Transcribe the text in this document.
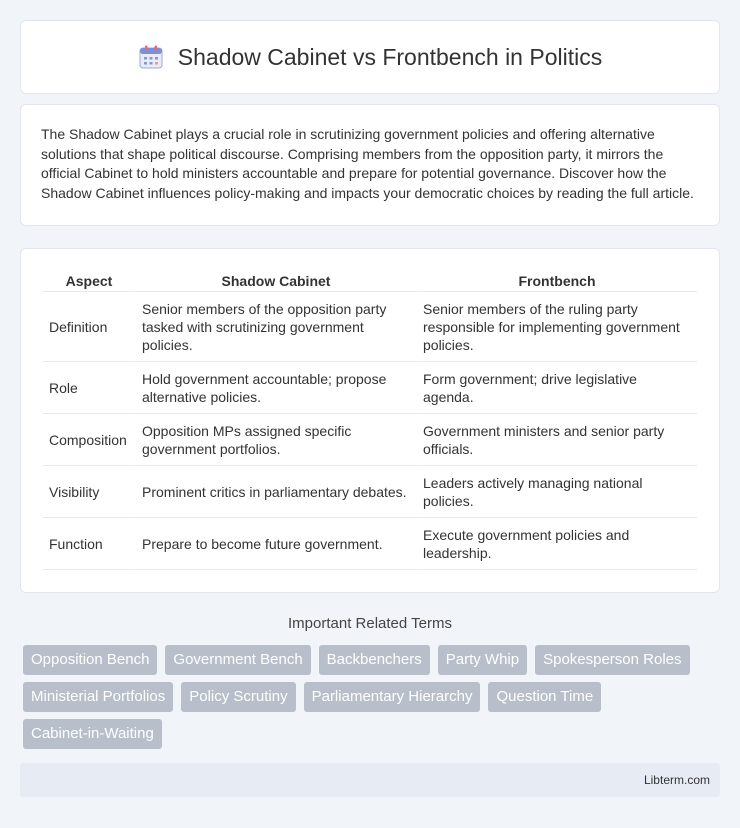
Shadow Cabinet vs Frontbench in Politics
The Shadow Cabinet plays a crucial role in scrutinizing government policies and offering alternative solutions that shape political discourse. Comprising members from the opposition party, it mirrors the official Cabinet to hold ministers accountable and prepare for potential governance. Discover how the Shadow Cabinet influences policy-making and impacts your democratic choices by reading the full article.
Aspect	Shadow Cabinet	Frontbench
Definition	Senior members of the opposition party tasked with scrutinizing government policies.	Senior members of the ruling party responsible for implementing government policies.
Role	Hold government accountable; propose alternative policies.	Form government; drive legislative agenda.
Composition	Opposition MPs assigned specific government portfolios.	Government ministers and senior party officials.
Visibility	Prominent critics in parliamentary debates.	Leaders actively managing national policies.
Function	Prepare to become future government.	Execute government policies and leadership.
Important Related Terms
Opposition Bench	Government Bench	Backbenchers	Party Whip	Spokesperson Roles
Ministerial Portfolios	Policy Scrutiny	Parliamentary Hierarchy	Question Time
Cabinet-in-Waiting
Libterm.com
